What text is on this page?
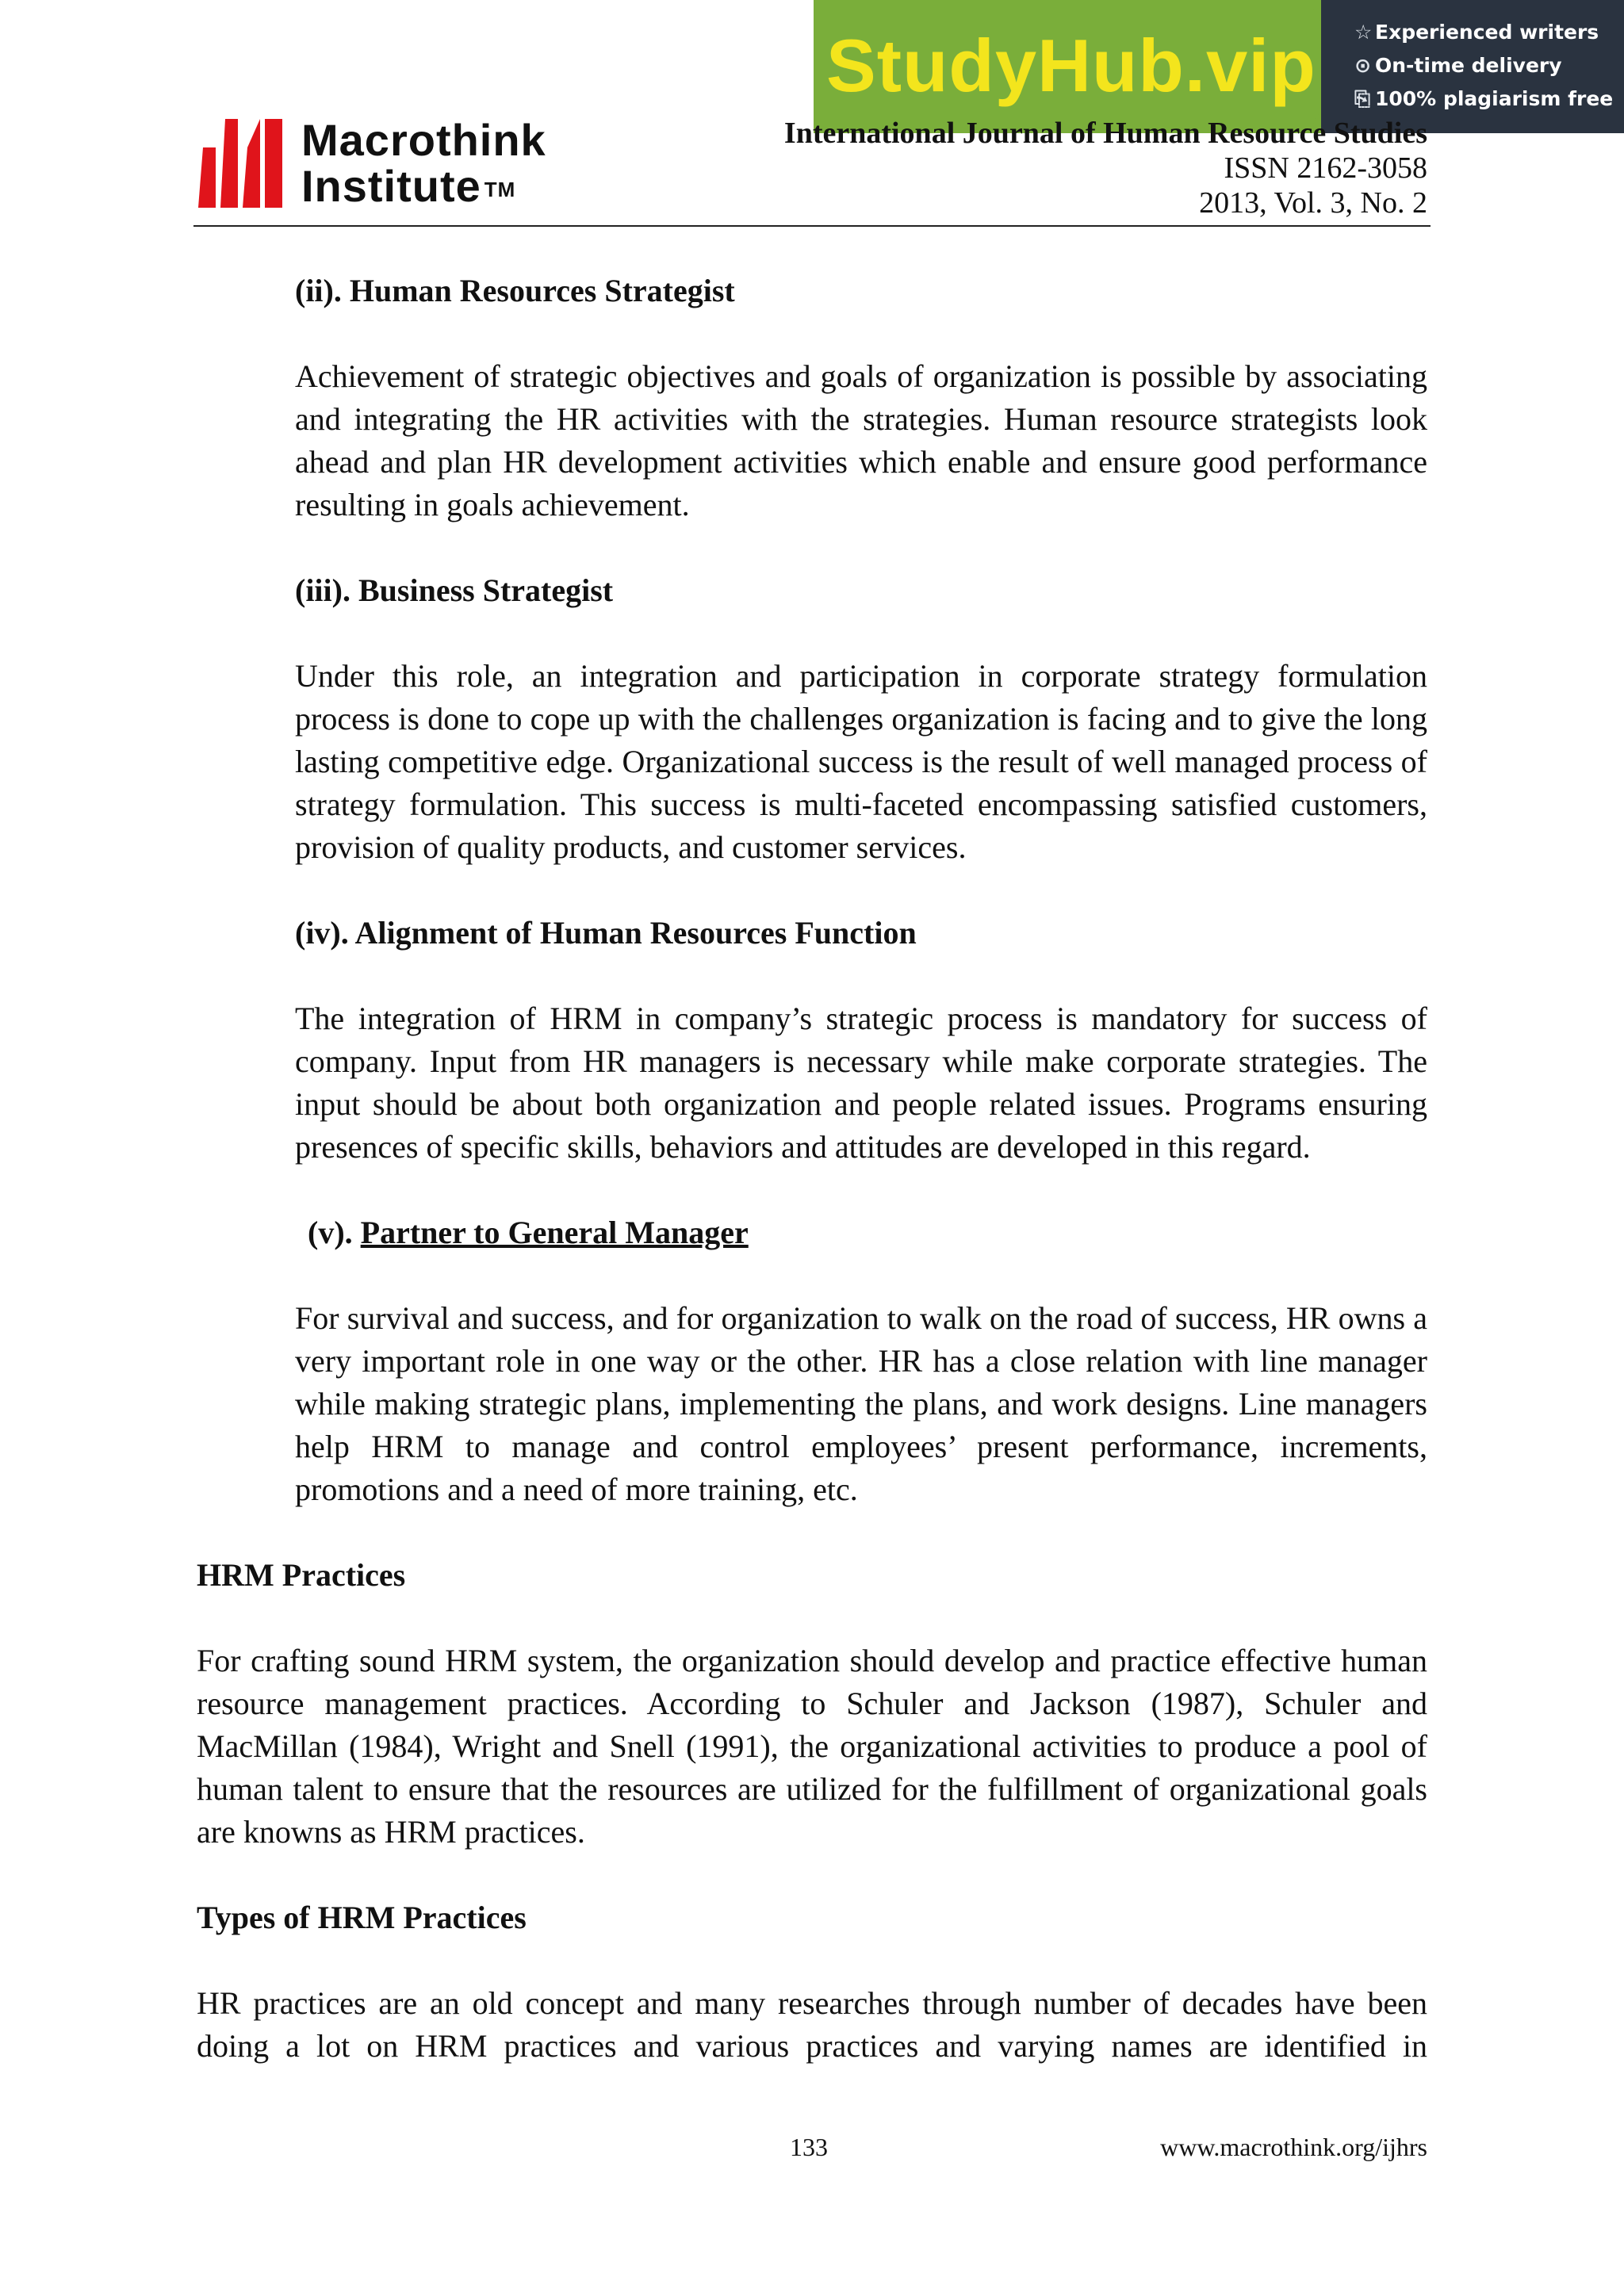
StudyHub.vip ☆ Experienced writers
⊙ On-time delivery
⎘ 100% plagiarism free
Macrothink
Institute ™
International Journal of Human Resource Studies
ISSN 2162-3058
2013, Vol. 3, No. 2
(ii). Human Resources Strategist
Achievement of strategic objectives and goals of organization is possible by associating and integrating the HR activities with the strategies. Human resource strategists look ahead and plan HR development activities which enable and ensure good performance resulting in goals achievement.
(iii). Business Strategist
Under this role, an integration and participation in corporate strategy formulation process is done to cope up with the challenges organization is facing and to give the long lasting competitive edge. Organizational success is the result of well managed process of strategy formulation. This success is multi-faceted encompassing satisfied customers, provision of quality products, and customer services.
(iv). Alignment of Human Resources Function
The integration of HRM in company’s strategic process is mandatory for success of company. Input from HR managers is necessary while make corporate strategies. The input should be about both organization and people related issues. Programs ensuring presences of specific skills, behaviors and attitudes are developed in this regard.
(v). Partner to General Manager
For survival and success, and for organization to walk on the road of success, HR owns a very important role in one way or the other. HR has a close relation with line manager while making strategic plans, implementing the plans, and work designs. Line managers help HRM to manage and control employees’ present performance, increments, promotions and a need of more training, etc.
HRM Practices
For crafting sound HRM system, the organization should develop and practice effective human resource management practices. According to Schuler and Jackson (1987), Schuler and MacMillan (1984), Wright and Snell (1991), the organizational activities to produce a pool of human talent to ensure that the resources are utilized for the fulfillment of organizational goals are knowns as HRM practices.
Types of HRM Practices
HR practices are an old concept and many researches through number of decades have been doing a lot on HRM practices and various practices and varying names are identified in
133	www.macrothink.org/ijhrs
